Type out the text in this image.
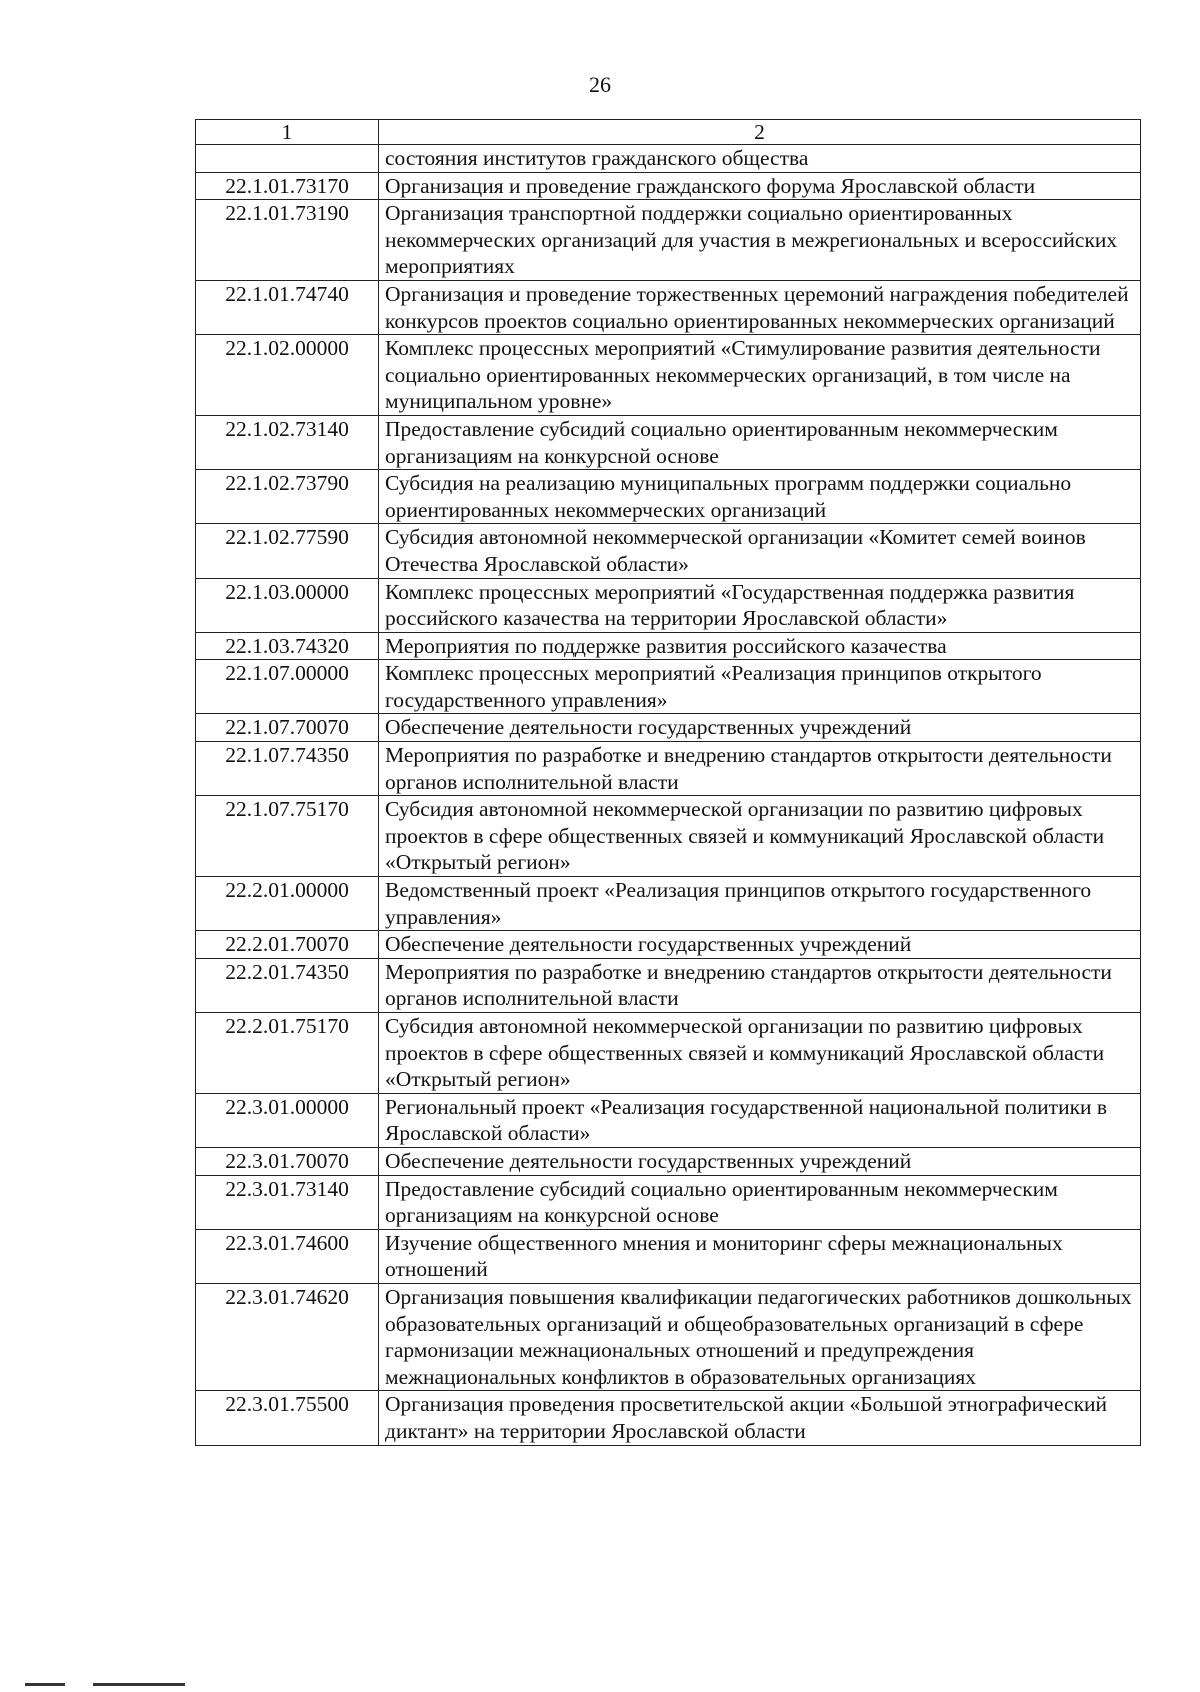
26
1	2
	состояния институтов гражданского общества
22.1.01.73170	Организация и проведение гражданского форума Ярославской области
22.1.01.73190	Организация транспортной поддержки социально ориентированных некоммерческих организаций для участия в межрегиональных и всероссийских мероприятиях
22.1.01.74740	Организация и проведение торжественных церемоний награждения победителей конкурсов проектов социально ориентированных некоммерческих организаций
22.1.02.00000	Комплекс процессных мероприятий «Стимулирование развития деятельности социально ориентированных некоммерческих организаций, в том числе на муниципальном уровне»
22.1.02.73140	Предоставление субсидий социально ориентированным некоммерческим организациям на конкурсной основе
22.1.02.73790	Субсидия на реализацию муниципальных программ поддержки социально ориентированных некоммерческих организаций
22.1.02.77590	Субсидия автономной некоммерческой организации «Комитет семей воинов Отечества Ярославской области»
22.1.03.00000	Комплекс процессных мероприятий «Государственная поддержка развития российского казачества на территории Ярославской области»
22.1.03.74320	Мероприятия по поддержке развития российского казачества
22.1.07.00000	Комплекс процессных мероприятий «Реализация принципов открытого государственного управления»
22.1.07.70070	Обеспечение деятельности государственных учреждений
22.1.07.74350	Мероприятия по разработке и внедрению стандартов открытости деятельности органов исполнительной власти
22.1.07.75170	Субсидия автономной некоммерческой организации по развитию цифровых проектов в сфере общественных связей и коммуникаций Ярославской области «Открытый регион»
22.2.01.00000	Ведомственный проект «Реализация принципов открытого государственного управления»
22.2.01.70070	Обеспечение деятельности государственных учреждений
22.2.01.74350	Мероприятия по разработке и внедрению стандартов открытости деятельности органов исполнительной власти
22.2.01.75170	Субсидия автономной некоммерческой организации по развитию цифровых проектов в сфере общественных связей и коммуникаций Ярославской области «Открытый регион»
22.3.01.00000	Региональный проект «Реализация государственной национальной политики в Ярославской области»
22.3.01.70070	Обеспечение деятельности государственных учреждений
22.3.01.73140	Предоставление субсидий социально ориентированным некоммерческим организациям на конкурсной основе
22.3.01.74600	Изучение общественного мнения и мониторинг сферы межнациональных отношений
22.3.01.74620	Организация повышения квалификации педагогических работников дошкольных образовательных организаций и общеобразовательных организаций в сфере гармонизации межнациональных отношений и предупреждения межнациональных конфликтов в образовательных организациях
22.3.01.75500	Организация проведения просветительской акции «Большой этнографический диктант» на территории Ярославской области
